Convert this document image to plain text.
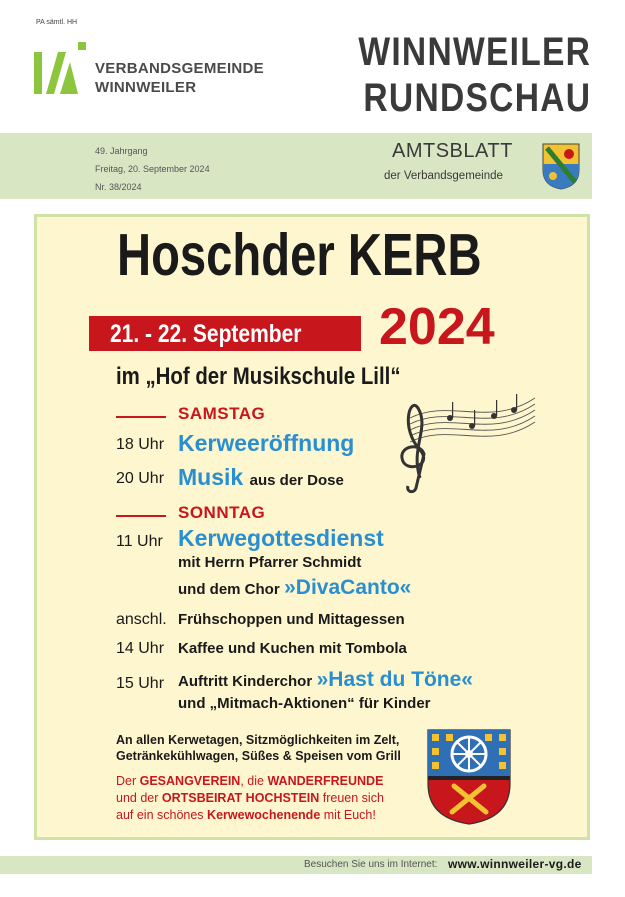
PA sämtl. HH
VERBANDSGEMEINDE
WINNWEILER
WINNWEILER
RUNDSCHAU
49. Jahrgang
Freitag, 20. September 2024
Nr. 38/2024
AMTSBLATT
der Verbandsgemeinde
Hoschder KERB
21. - 22. September 2024
im „Hof der Musikschule Lill“
SAMSTAG
18 Uhr Kerweeröffnung
20 Uhr Musik aus der Dose
SONNTAG
11 Uhr Kerwegottesdienst
mit Herrn Pfarrer Schmidt
und dem Chor »DivaCanto«
anschl. Frühschoppen und Mittagessen
14 Uhr Kaffee und Kuchen mit Tombola
15 Uhr Auftritt Kinderchor »Hast du Töne«
und „Mitmach-Aktionen“ für Kinder
An allen Kerwetagen, Sitzmöglichkeiten im Zelt,
Getränkekühlwagen, Süßes & Speisen vom Grill
Der GESANGVEREIN, die WANDERFREUNDE
und der ORTSBEIRAT HOCHSTEIN freuen sich
auf ein schönes Kerwewochenende mit Euch!
Besuchen Sie uns im Internet: www.winnweiler-vg.de
